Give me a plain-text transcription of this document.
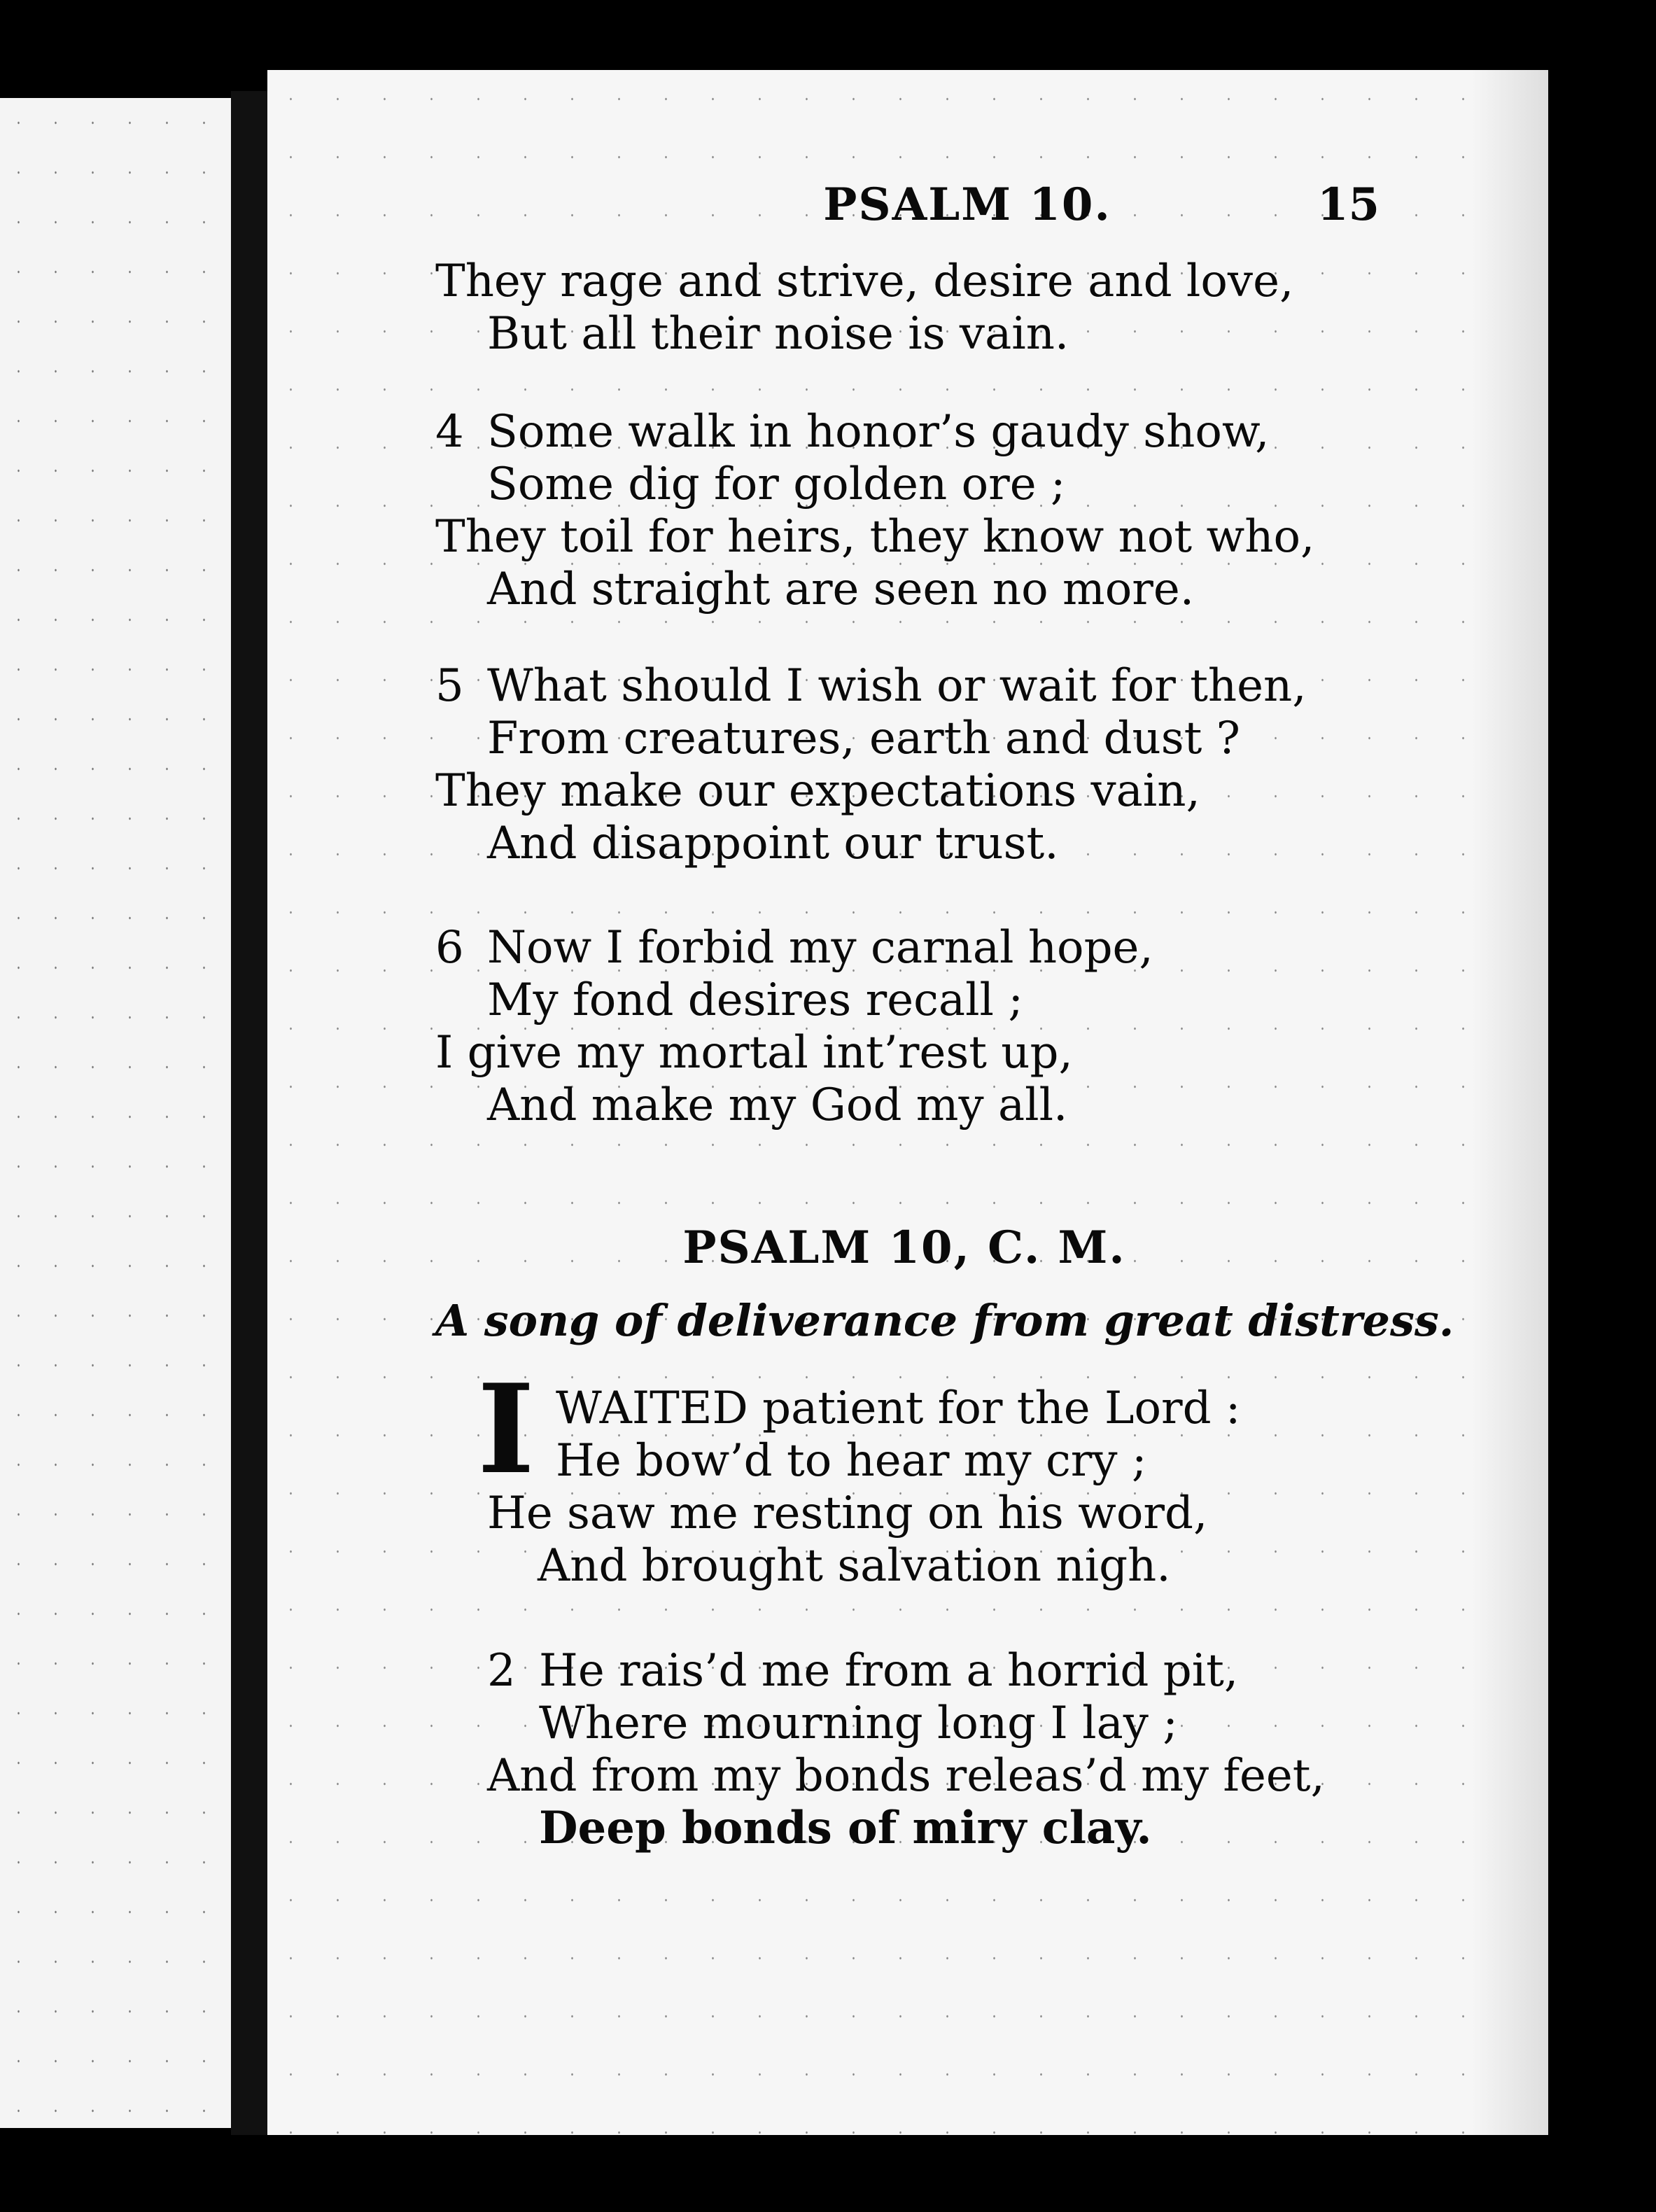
PSALM 10.	15
They rage and strive, desire and love,
But all their noise is vain.
4 Some walk in honor’s gaudy show,
Some dig for golden ore ;
They toil for heirs, they know not who,
And straight are seen no more.
5 What should I wish or wait for then,
From creatures, earth and dust ?
They make our expectations vain,
And disappoint our trust.
6 Now I forbid my carnal hope,
My fond desires recall ;
I give my mortal int’rest up,
And make my God my all.
PSALM 10, C. M.
A song of deliverance from great distress.
I WAITED patient for the Lord :
He bow’d to hear my cry ;
He saw me resting on his word,
And brought salvation nigh.
2 He rais’d me from a horrid pit,
Where mourning long I lay ;
And from my bonds releas’d my feet,
Deep bonds of miry clay.
